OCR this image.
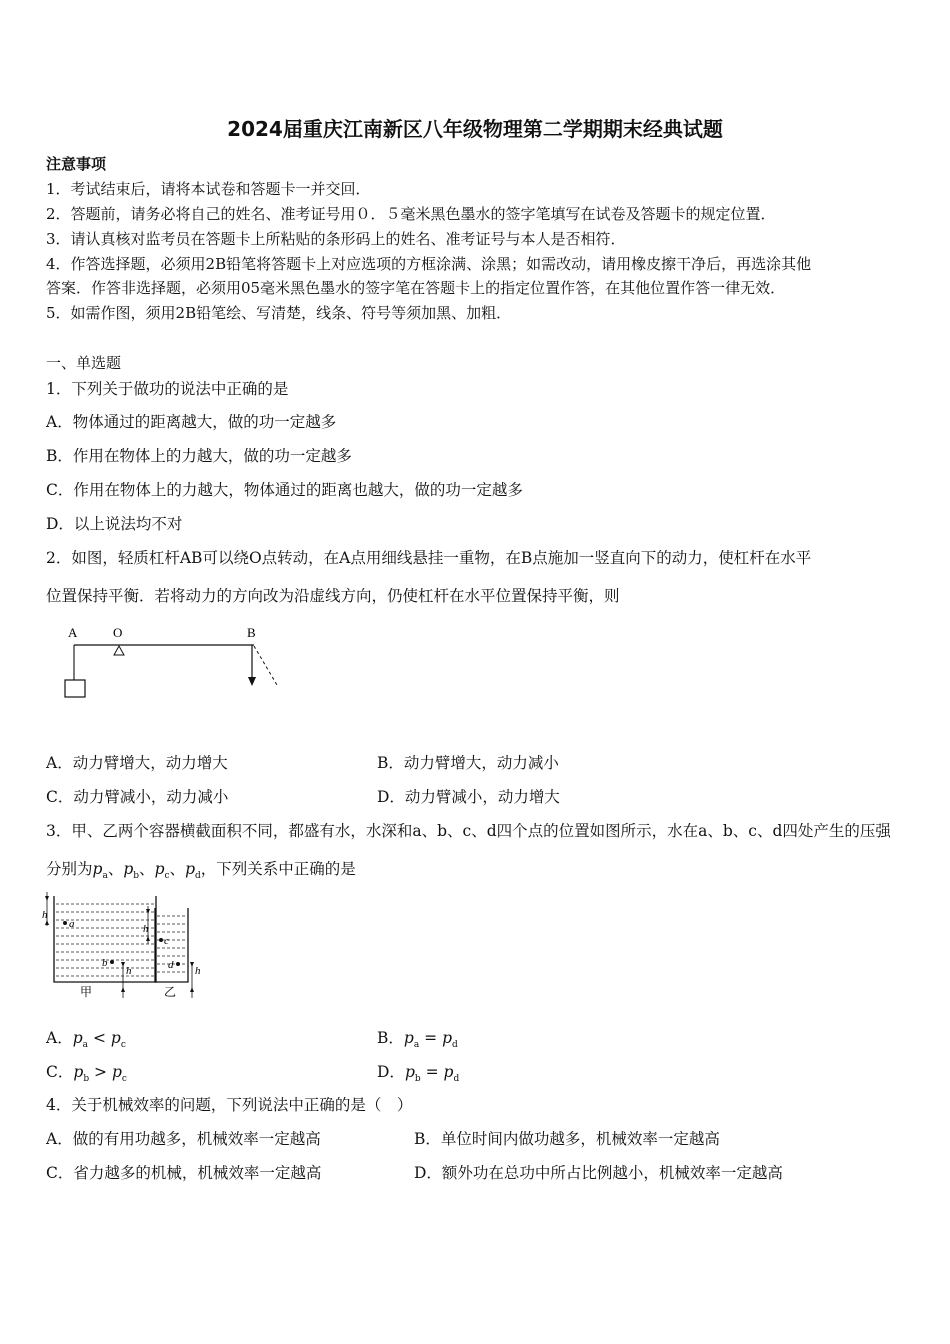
2024届重庆江南新区八年级物理第二学期期末经典试题
注意事项
1．考试结束后，请将本试卷和答题卡一并交回．
2．答题前，请务必将自己的姓名、准考证号用０．５毫米黑色墨水的签字笔填写在试卷及答题卡的规定位置．
3．请认真核对监考员在答题卡上所粘贴的条形码上的姓名、准考证号与本人是否相符．
4．作答选择题，必须用2B铅笔将答题卡上对应选项的方框涂满、涂黑；如需改动，请用橡皮擦干净后，再选涂其他
答案．作答非选择题，必须用05毫米黑色墨水的签字笔在答题卡上的指定位置作答，在其他位置作答一律无效．
5．如需作图，须用2B铅笔绘、写清楚，线条、符号等须加黑、加粗．
一、单选题
1．下列关于做功的说法中正确的是
A．物体通过的距离越大，做的功一定越多
B．作用在物体上的力越大，做的功一定越多
C．作用在物体上的力越大，物体通过的距离也越大，做的功一定越多
D．以上说法均不对
2．如图，轻质杠杆AB可以绕O点转动，在A点用细线悬挂一重物，在B点施加一竖直向下的动力，使杠杆在水平
位置保持平衡．若将动力的方向改为沿虚线方向，仍使杠杆在水平位置保持平衡，则
A	O	B
A．动力臂增大，动力增大	B．动力臂增大，动力减小
C．动力臂减小，动力减小	D．动力臂减小，动力增大
3．甲、乙两个容器横截面积不同，都盛有水，水深和a、b、c、d四个点的位置如图所示，水在a、b、c、d四处产生的压强
分别为$p_a$、$p_b$、$p_c$、$p_d$，下列关系中正确的是
h
a
b
h
甲
h
c
d h
乙
A．$p_a < p_c$	B．$p_a = p_d$
C．$p_b > p_c$	D．$p_b = p_d$
4．关于机械效率的问题，下列说法中正确的是（　）
A．做的有用功越多，机械效率一定越高	B．单位时间内做功越多，机械效率一定越高
C．省力越多的机械，机械效率一定越高	D．额外功在总功中所占比例越小，机械效率一定越高
